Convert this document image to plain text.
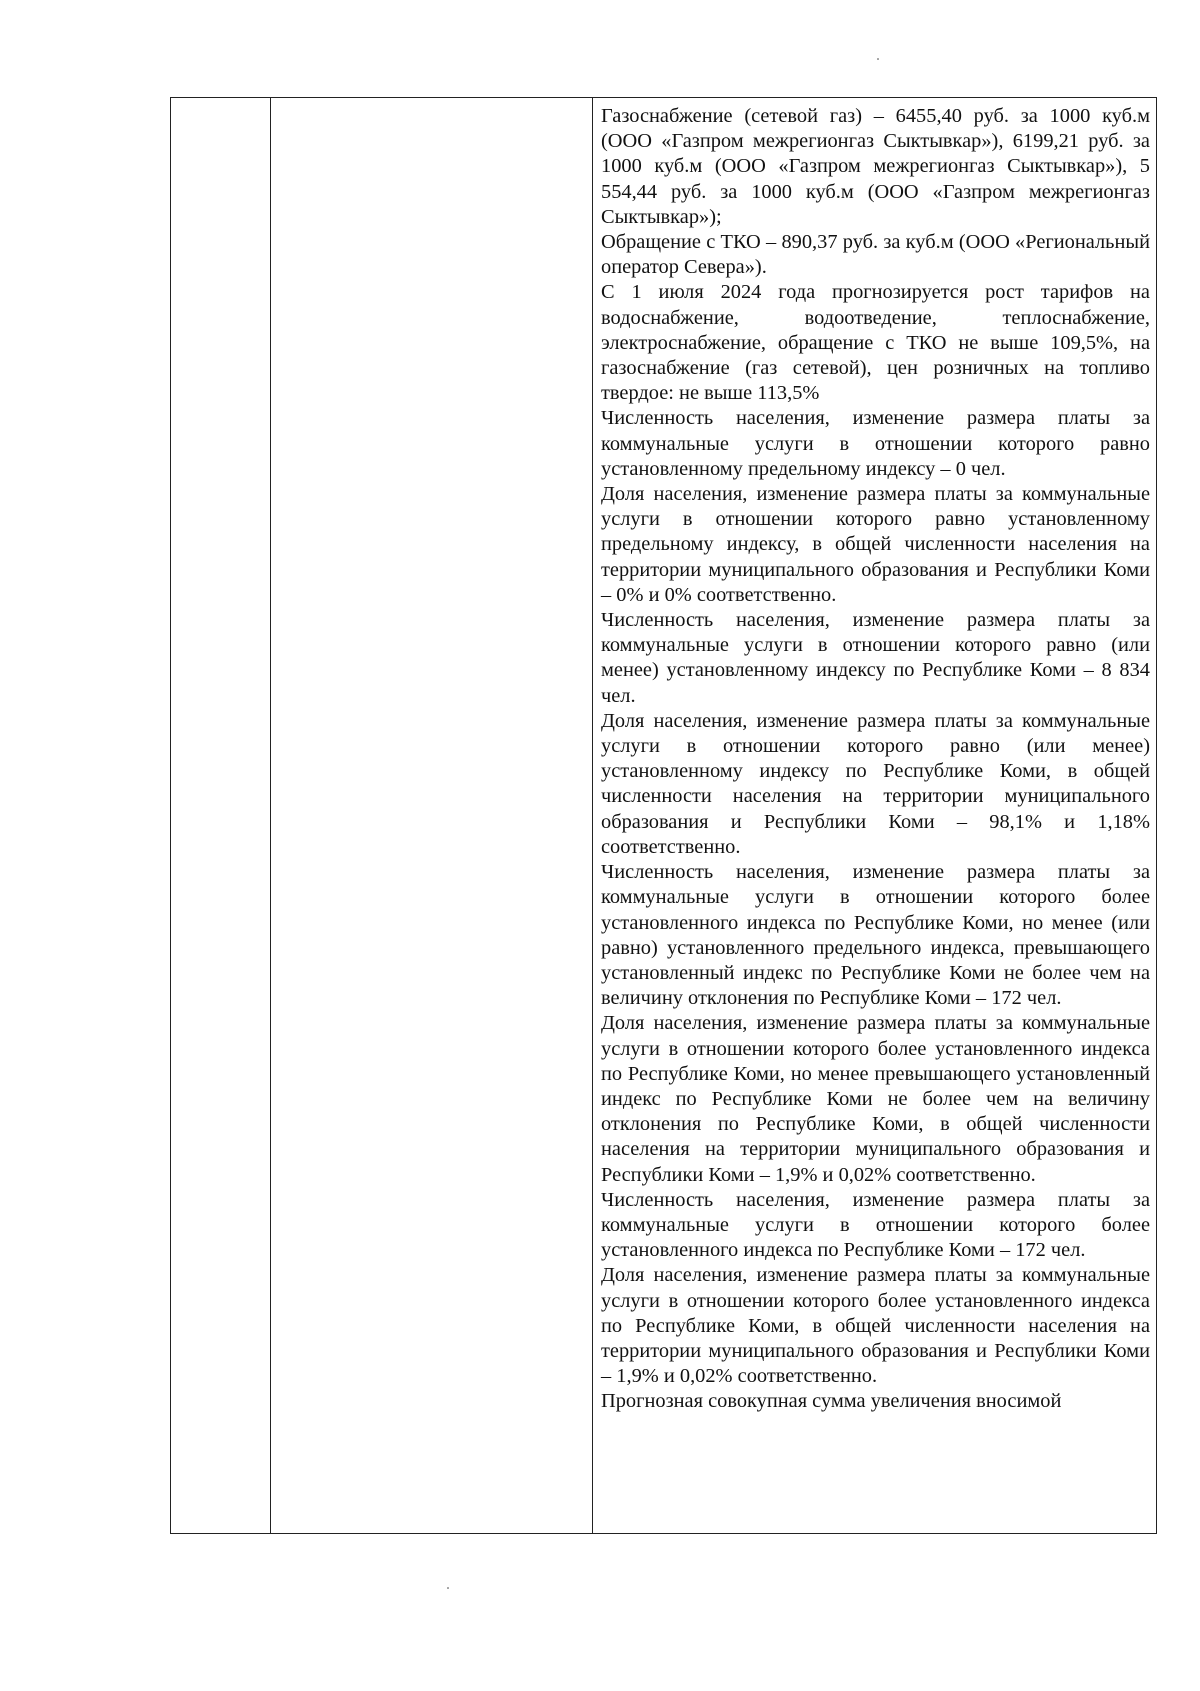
Газоснабжение (сетевой газ) – 6455,40 руб. за 1000 куб.м (ООО «Газпром межрегионгаз Сыктывкар»), 6199,21 руб. за 1000 куб.м (ООО «Газпром межрегионгаз Сыктывкар»), 5 554,44 руб. за 1000 куб.м (ООО «Газпром межрегионгаз Сыктывкар»);

Обращение с ТКО – 890,37 руб. за куб.м (ООО «Региональный оператор Севера»).

С 1 июля 2024 года прогнозируется рост тарифов на водоснабжение, водоотведение, теплоснабжение, электроснабжение, обращение с ТКО не выше 109,5%, на газоснабжение (газ сетевой), цен розничных на топливо твердое: не выше 113,5%

Численность населения, изменение размера платы за коммунальные услуги в отношении которого равно установленному предельному индексу – 0 чел.

Доля населения, изменение размера платы за коммунальные услуги в отношении которого равно установленному предельному индексу, в общей численности населения на территории муниципального образования и Республики Коми – 0% и 0% соответственно.

Численность населения, изменение размера платы за коммунальные услуги в отношении которого равно (или менее) установленному индексу по Республике Коми – 8 834 чел.

Доля населения, изменение размера платы за коммунальные услуги в отношении которого равно (или менее) установленному индексу по Республике Коми, в общей численности населения на территории муниципального образования и Республики Коми – 98,1% и 1,18% соответственно.

Численность населения, изменение размера платы за коммунальные услуги в отношении которого более установленного индекса по Республике Коми, но менее (или равно) установленного предельного индекса, превышающего установленный индекс по Республике Коми не более чем на величину отклонения по Республике Коми – 172 чел.

Доля населения, изменение размера платы за коммунальные услуги в отношении которого более установленного индекса по Республике Коми, но менее превышающего установленный индекс по Республике Коми не более чем на величину отклонения по Республике Коми, в общей численности населения на территории муниципального образования и Республики Коми – 1,9% и 0,02% соответственно.

Численность населения, изменение размера платы за коммунальные услуги в отношении которого более установленного индекса по Республике Коми – 172 чел.

Доля населения, изменение размера платы за коммунальные услуги в отношении которого более установленного индекса по Республике Коми, в общей численности населения на территории муниципального образования и Республики Коми – 1,9% и 0,02% соответственно.

Прогнозная совокупная сумма увеличения вносимой
